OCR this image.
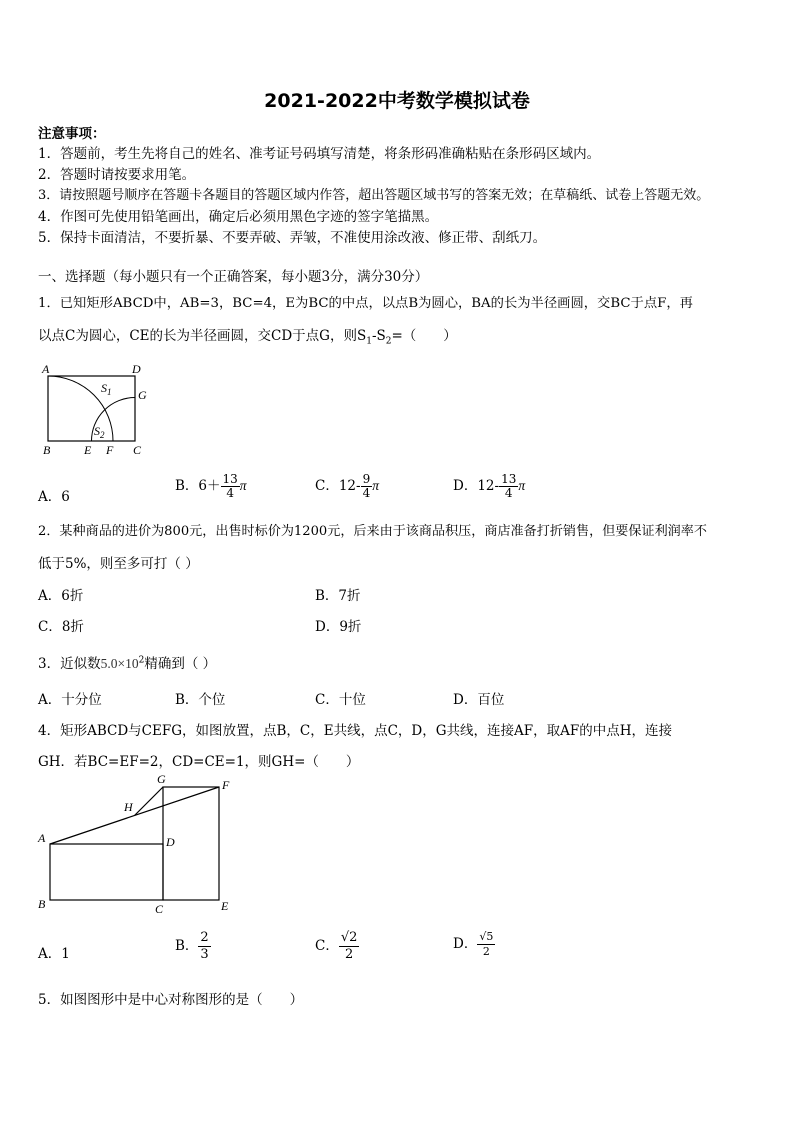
2021-2022中考数学模拟试卷
注意事项：
1．答题前，考生先将自己的姓名、准考证号码填写清楚，将条形码准确粘贴在条形码区域内。
2．答题时请按要求用笔。
3．请按照题号顺序在答题卡各题目的答题区域内作答，超出答题区域书写的答案无效；在草稿纸、试卷上答题无效。
4．作图可先使用铅笔画出，确定后必须用黑色字迹的签字笔描黑。
5．保持卡面清洁，不要折暴、不要弄破、弄皱，不准使用涂改液、修正带、刮纸刀。
一、选择题（每小题只有一个正确答案，每小题3分，满分30分）
1．已知矩形ABCD中，AB=3，BC=4，E为BC的中点，以点B为圆心，BA的长为半径画圆，交BC于点F，再
以点C为圆心，CE的长为半径画圆，交CD于点G，则$S_1-S_2=$（　　）
A	D
G
B	E F C
$S_1$
$S_2$
A．6
B．$6+ \frac{13}{4}$ π	C．$12- \frac{9}{4}$ π	D．$12- \frac{13}{4}$ π
2．某种商品的进价为800元，出售时标价为1200元，后来由于该商品积压，商店准备打折销售，但要保证利润率不
低于5%，则至多可打（ ）
A．6折	B．7折
C．8折	D．9折
3．近似数$5.0\times 10^2$精确到（ ）
A．十分位	B．个位	C．十位	D．百位
4．矩形ABCD与CEFG，如图放置，点B，C，E共线，点C，D，G共线，连接AF，取AF的中点H，连接
GH．若BC=EF=2，CD=CE=1，则GH=（　　）
A
B	C
D
E
F
G
H
A．1	B． $\frac{2}{3}$	C． $\frac{√2}{2}$	D． $\frac{√5}{2}$
5．如图图形中是中心对称图形的是（　　）
